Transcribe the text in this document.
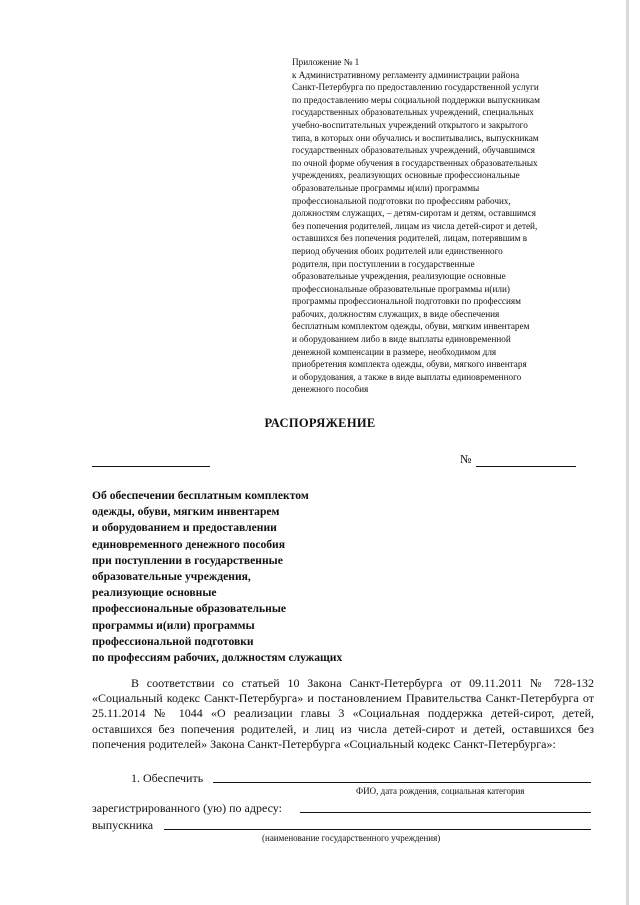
Приложение № 1
к Административному регламенту администрации района
Санкт-Петербурга по предоставлению государственной услуги
по предоставлению меры социальной поддержки выпускникам
государственных образовательных учреждений, специальных
учебно-воспитательных учреждений открытого и закрытого
типа, в которых они обучались и воспитывались, выпускникам
государственных образовательных учреждений, обучавшимся
по очной форме обучения в государственных образовательных
учреждениях, реализующих основные профессиональные
образовательные программы и(или) программы
профессиональной подготовки по профессиям рабочих,
должностям служащих, – детям-сиротам и детям, оставшимся
без попечения родителей, лицам из числа детей-сирот и детей,
оставшихся без попечения родителей, лицам, потерявшим в
период обучения обоих родителей или единственного
родителя, при поступлении в государственные
образовательные учреждения, реализующие основные
профессиональные образовательные программы и(или)
программы профессиональной подготовки по профессиям
рабочих, должностям служащих, в виде обеспечения
бесплатным комплектом одежды, обуви, мягким инвентарем
и оборудованием либо в виде выплаты единовременной
денежной компенсации в размере, необходимом для
приобретения комплекта одежды, обуви, мягкого инвентаря
и оборудования, а также в виде выплаты единовременного
денежного пособия
РАСПОРЯЖЕНИЕ
№
Об обеспечении бесплатным комплектом
одежды, обуви, мягким инвентарем
и оборудованием и предоставлении
единовременного денежного пособия
при поступлении в государственные
образовательные учреждения,
реализующие основные
профессиональные образовательные
программы и(или) программы
профессиональной подготовки
по профессиям рабочих, должностям служащих
В соответствии со статьей 10 Закона Санкт-Петербурга от 09.11.2011 № 728-132 «Социальный кодекс Санкт-Петербурга» и постановлением Правительства Санкт-Петербурга от 25.11.2014 № 1044 «О реализации главы 3 «Социальная поддержка детей-сирот, детей, оставшихся без попечения родителей, и лиц из числа детей-сирот и детей, оставшихся без попечения родителей» Закона Санкт-Петербурга «Социальный кодекс Санкт-Петербурга»:
1. Обеспечить
ФИО, дата рождения, социальная категория
зарегистрированного (ую) по адресу:
выпускника
(наименование государственного учреждения)
